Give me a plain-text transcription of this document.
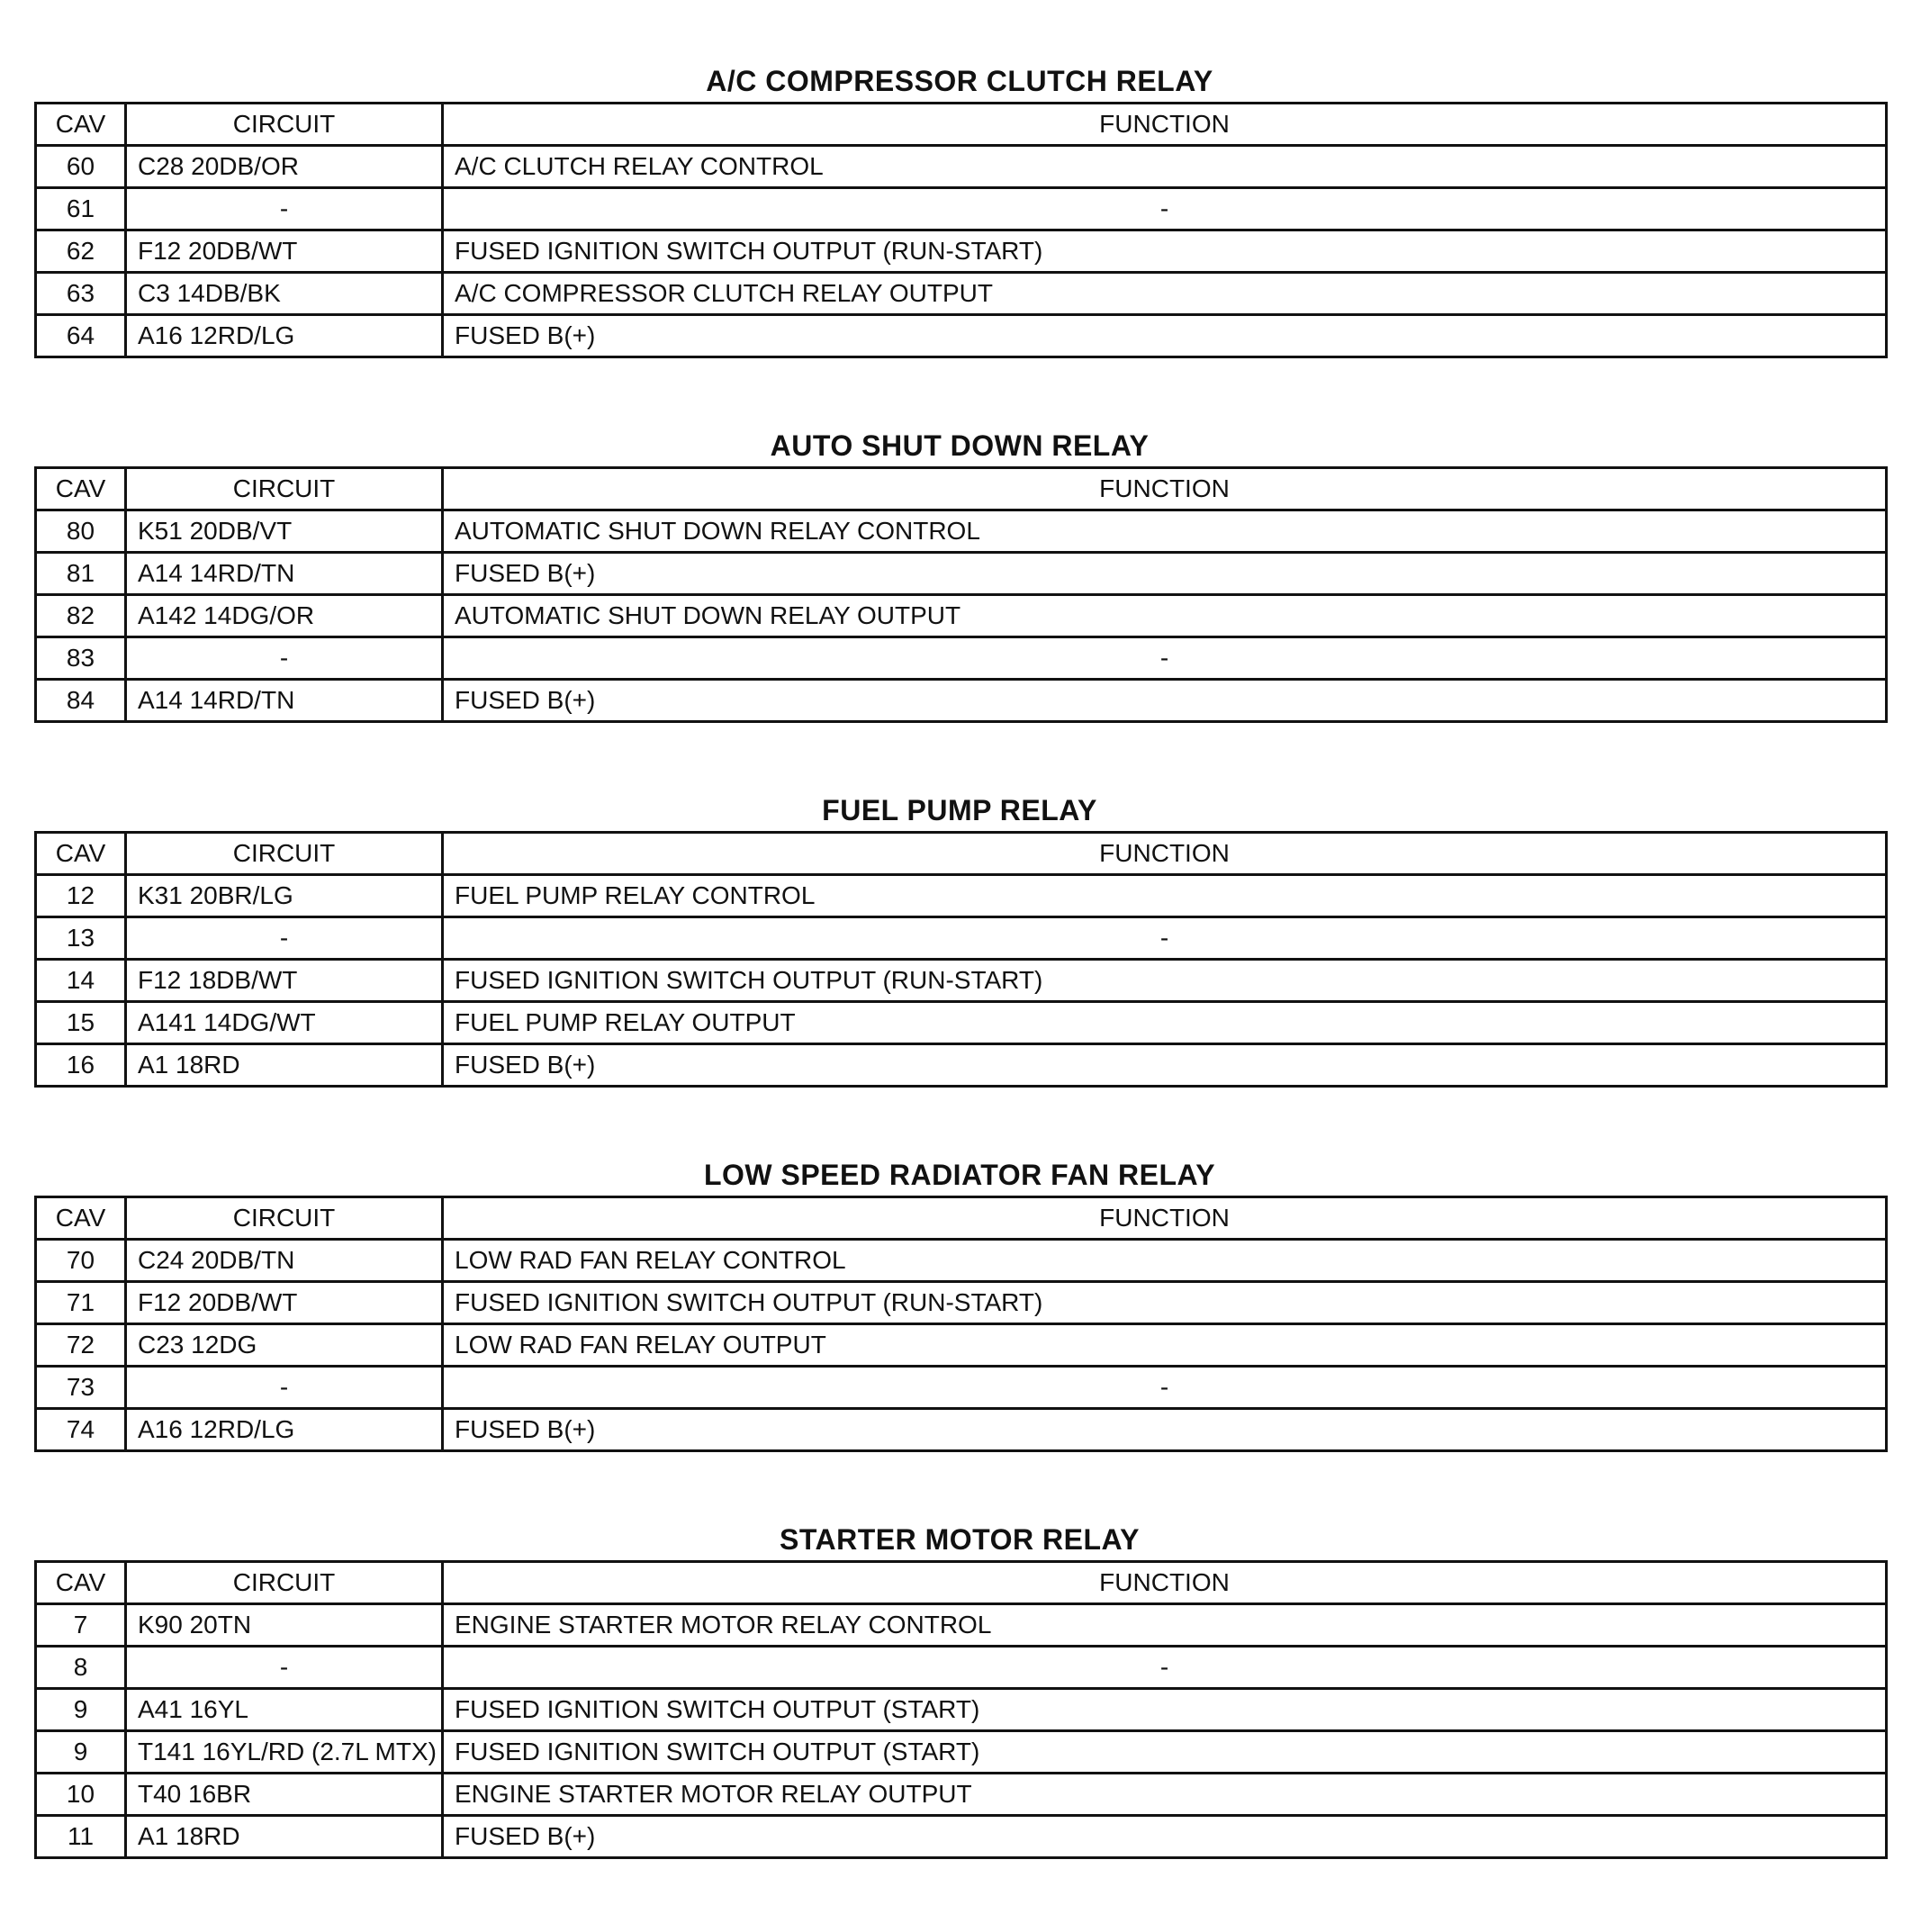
A/C COMPRESSOR CLUTCH RELAY
CAV	CIRCUIT	FUNCTION
60	C28 20DB/OR	A/C CLUTCH RELAY CONTROL
61	-	-
62	F12 20DB/WT	FUSED IGNITION SWITCH OUTPUT (RUN-START)
63	C3 14DB/BK	A/C COMPRESSOR CLUTCH RELAY OUTPUT
64	A16 12RD/LG	FUSED B(+)
AUTO SHUT DOWN RELAY
CAV	CIRCUIT	FUNCTION
80	K51 20DB/VT	AUTOMATIC SHUT DOWN RELAY CONTROL
81	A14 14RD/TN	FUSED B(+)
82	A142 14DG/OR	AUTOMATIC SHUT DOWN RELAY OUTPUT
83	-	-
84	A14 14RD/TN	FUSED B(+)
FUEL PUMP RELAY
CAV	CIRCUIT	FUNCTION
12	K31 20BR/LG	FUEL PUMP RELAY CONTROL
13	-	-
14	F12 18DB/WT	FUSED IGNITION SWITCH OUTPUT (RUN-START)
15	A141 14DG/WT	FUEL PUMP RELAY OUTPUT
16	A1 18RD	FUSED B(+)
LOW SPEED RADIATOR FAN RELAY
CAV	CIRCUIT	FUNCTION
70	C24 20DB/TN	LOW RAD FAN RELAY CONTROL
71	F12 20DB/WT	FUSED IGNITION SWITCH OUTPUT (RUN-START)
72	C23 12DG	LOW RAD FAN RELAY OUTPUT
73	-	-
74	A16 12RD/LG	FUSED B(+)
STARTER MOTOR RELAY
CAV	CIRCUIT	FUNCTION
7	K90 20TN	ENGINE STARTER MOTOR RELAY CONTROL
8	-	-
9	A41 16YL	FUSED IGNITION SWITCH OUTPUT (START)
9	T141 16YL/RD (2.7L MTX)	FUSED IGNITION SWITCH OUTPUT (START)
10	T40 16BR	ENGINE STARTER MOTOR RELAY OUTPUT
11	A1 18RD	FUSED B(+)
